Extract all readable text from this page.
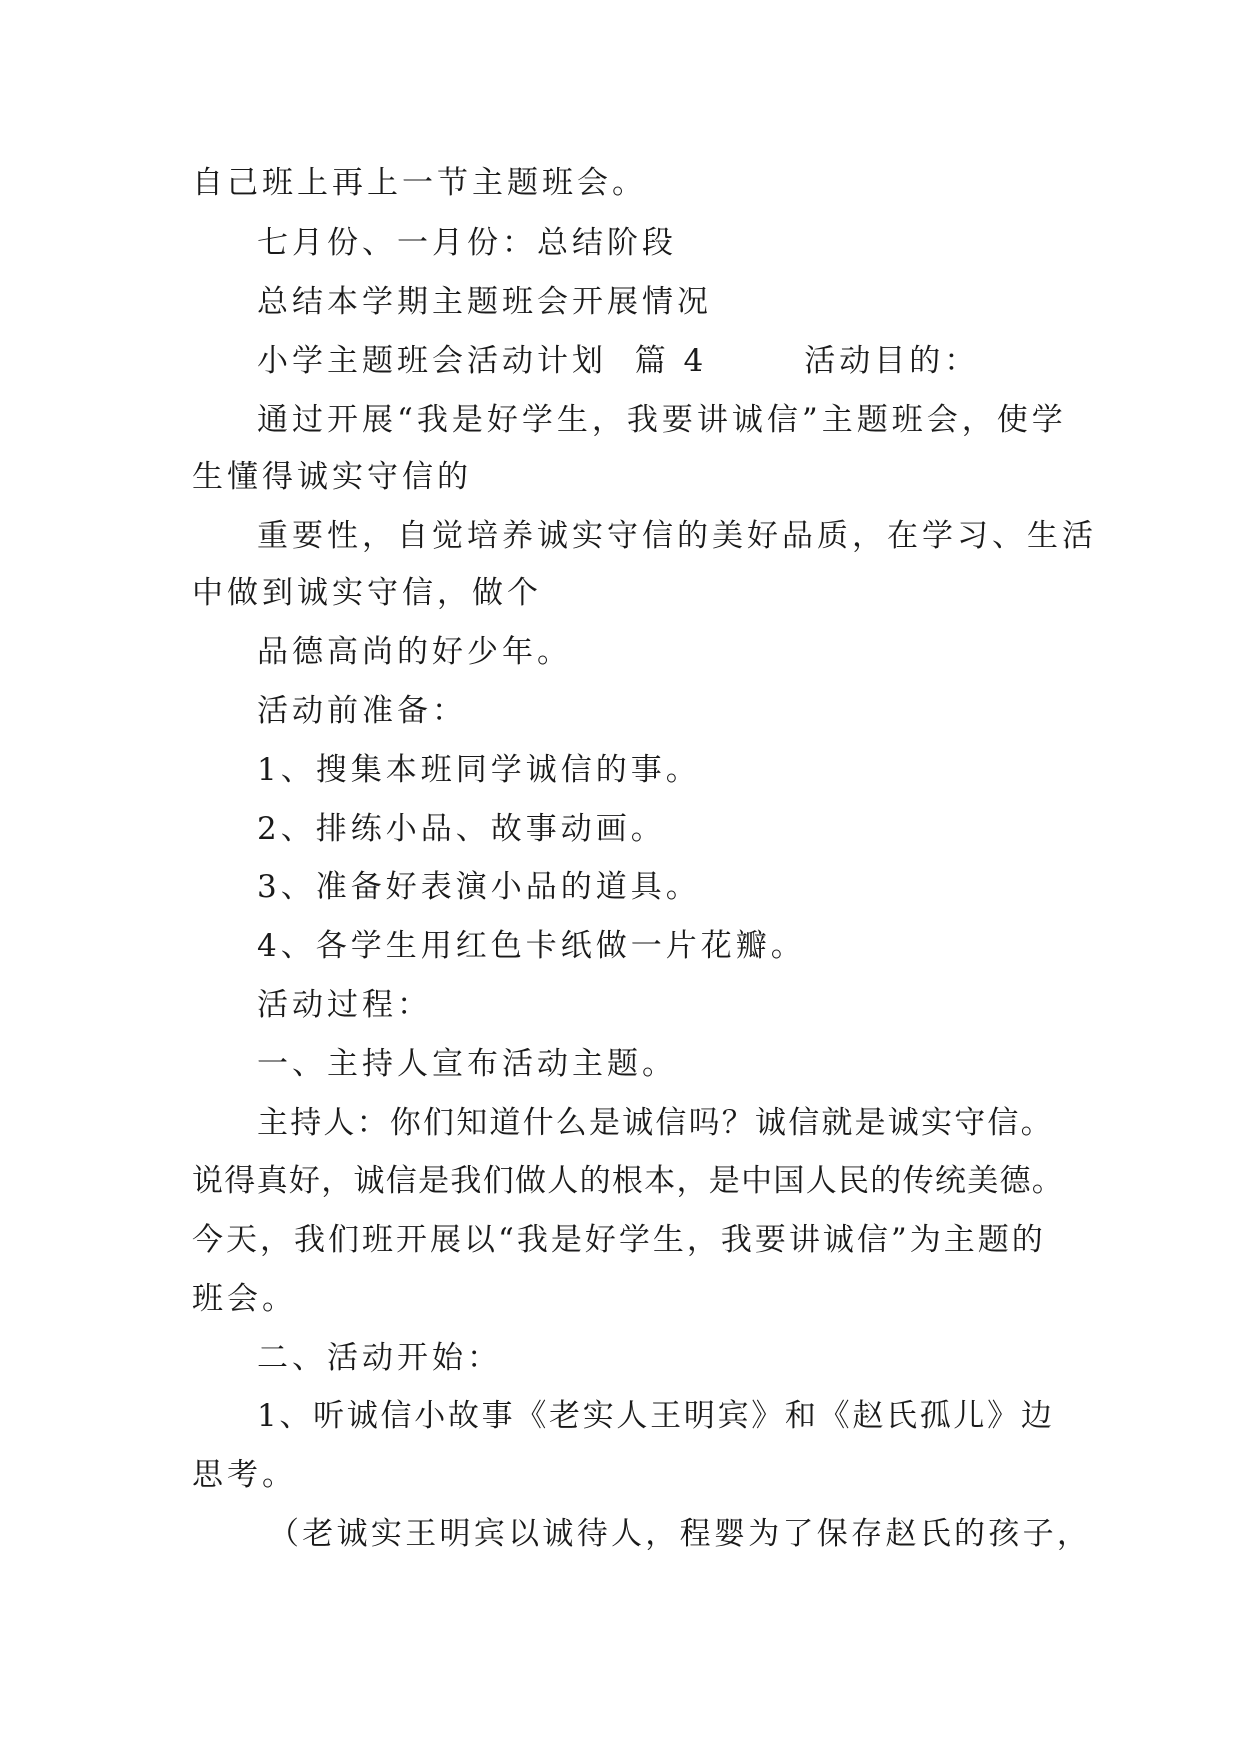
自己班上再上一节主题班会。
七月份、一月份：总结阶段
总结本学期主题班会开展情况
小学主题班会活动计划  篇 4       活动目的：
通过开展“我是好学生，我要讲诚信”主题班会，使学
生懂得诚实守信的
重要性，自觉培养诚实守信的美好品质，在学习、生活
中做到诚实守信，做个
品德高尚的好少年。
活动前准备：
1、搜集本班同学诚信的事。
2、排练小品、故事动画。
3、准备好表演小品的道具。
4、各学生用红色卡纸做一片花瓣。
活动过程：
一、主持人宣布活动主题。
主持人：你们知道什么是诚信吗？诚信就是诚实守信。
说得真好，诚信是我们做人的根本，是中国人民的传统美德。
今天，我们班开展以“我是好学生，我要讲诚信”为主题的
班会。
二、活动开始：
1、听诚信小故事《老实人王明宾》和《赵氏孤儿》边
思考。
（老诚实王明宾以诚待人，程婴为了保存赵氏的孩子，
